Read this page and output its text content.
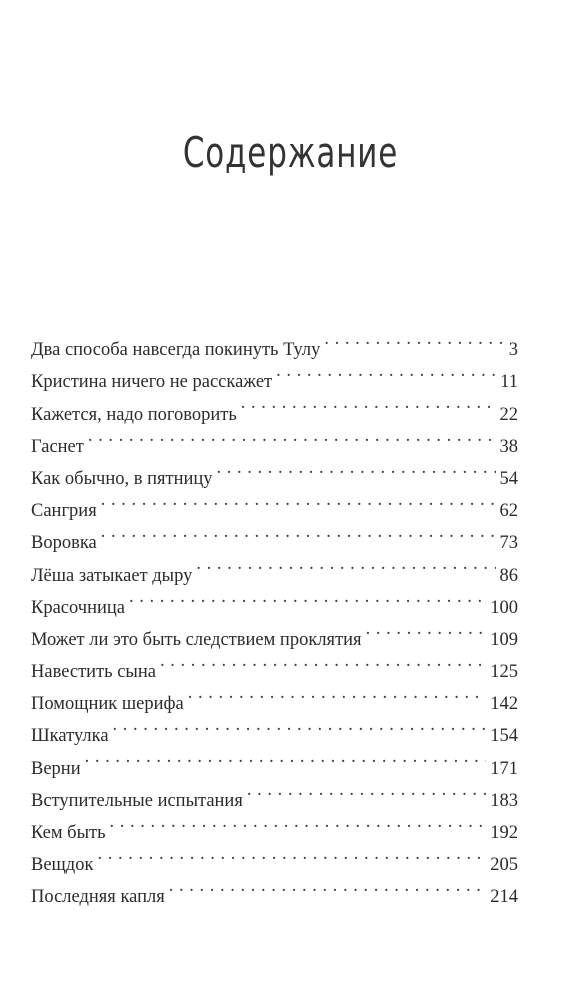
Содержание
Два способа навсегда покинуть Тулу . . .	3
Кристина ничего не расскажет . . .	11
Кажется, надо поговорить . . .	22
Гаснет . . .	38
Как обычно, в пятницу . . .	54
Сангрия . . .	62
Воровка . . .	73
Лёша затыкает дыру . . .	86
Красочница . . .	100
Может ли это быть следствием проклятия . . .	109
Навестить сына . . .	125
Помощник шерифа . . .	142
Шкатулка . . .	154
Верни . . .	171
Вступительные испытания . . .	183
Кем быть . . .	192
Вещдок . . .	205
Последняя капля . . .	214
